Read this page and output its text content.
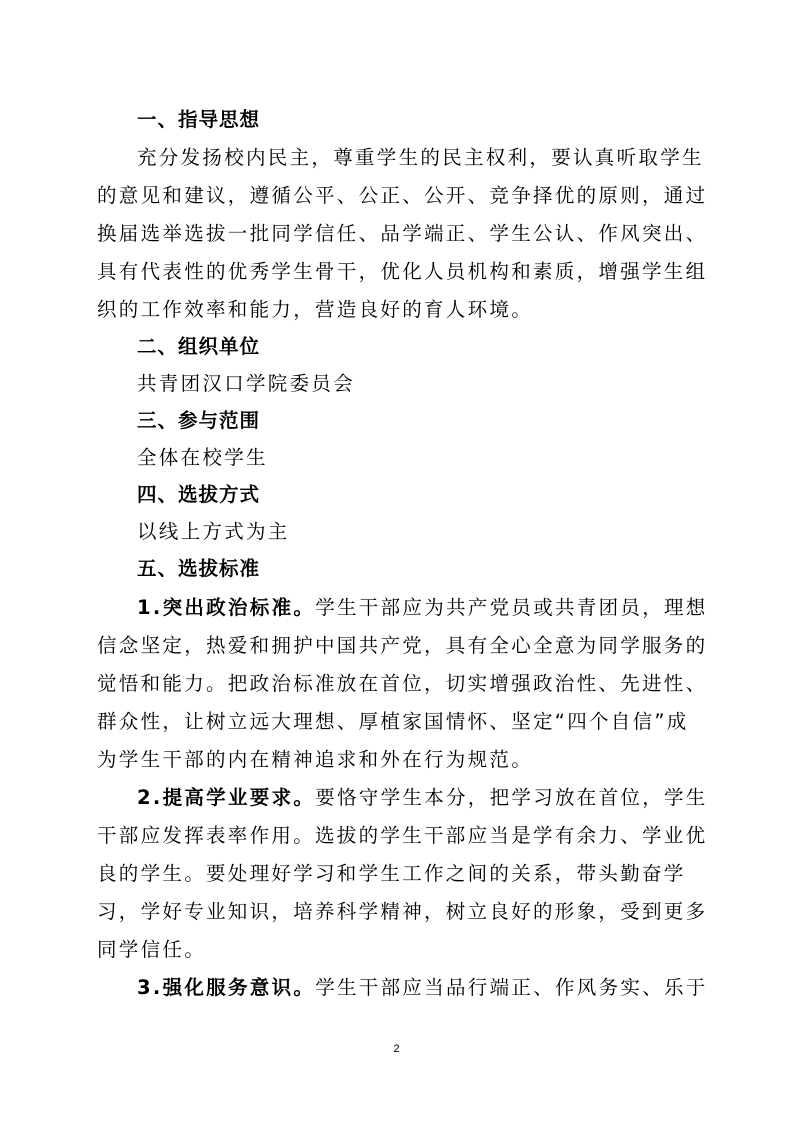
一、指导思想
充分发扬校内民主，尊重学生的民主权利，要认真听取学生
的意见和建议，遵循公平、公正、公开、竞争择优的原则，通过
换届选举选拔一批同学信任、品学端正、学生公认、作风突出、
具有代表性的优秀学生骨干，优化人员机构和素质，增强学生组
织的工作效率和能力，营造良好的育人环境。
二、组织单位
共青团汉口学院委员会
三、参与范围
全体在校学生
四、选拔方式
以线上方式为主
五、选拔标准
1.突出政治标准。学生干部应为共产党员或共青团员，理想
信念坚定，热爱和拥护中国共产党，具有全心全意为同学服务的
觉悟和能力。把政治标准放在首位，切实增强政治性、先进性、
群众性，让树立远大理想、厚植家国情怀、坚定“四个自信”成
为学生干部的内在精神追求和外在行为规范。
2.提高学业要求。要恪守学生本分，把学习放在首位，学生
干部应发挥表率作用。选拔的学生干部应当是学有余力、学业优
良的学生。要处理好学习和学生工作之间的关系，带头勤奋学
习，学好专业知识，培养科学精神，树立良好的形象，受到更多
同学信任。
3.强化服务意识。学生干部应当品行端正、作风务实、乐于
2
